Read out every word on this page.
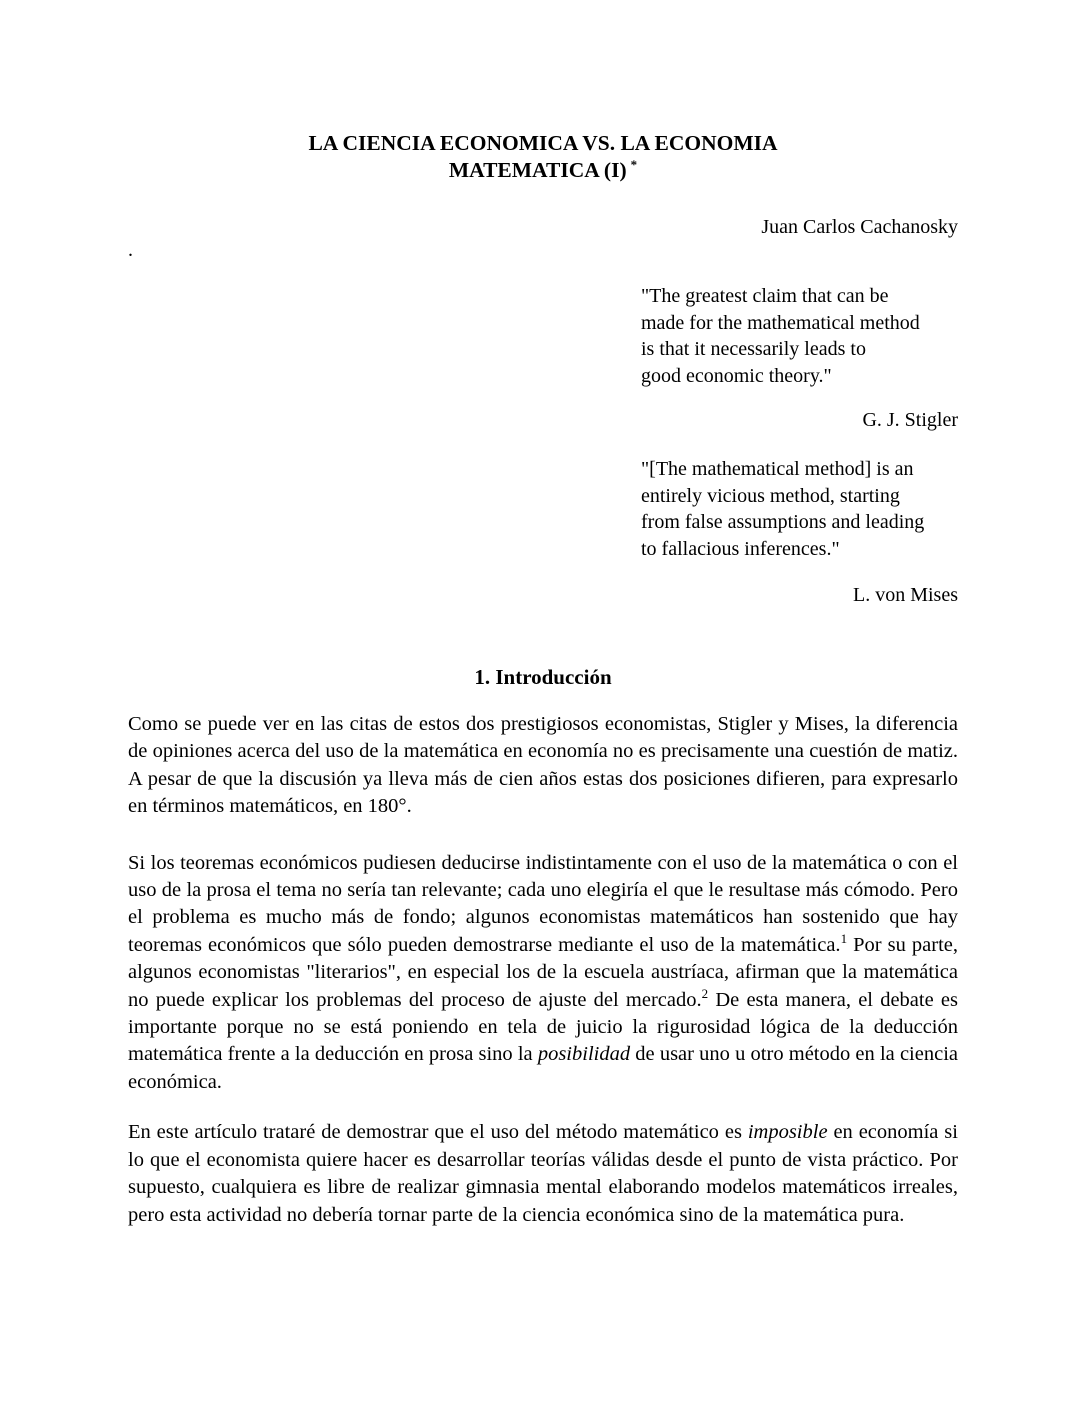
LA CIENCIA ECONOMICA VS. LA ECONOMIA
MATEMATICA (I) *
Juan Carlos Cachanosky
.
"The greatest claim that can be
made for the mathematical method
is that it necessarily leads to
good economic theory."
G. J. Stigler
"[The mathematical method] is an
entirely vicious method, starting
from false assumptions and leading
to fallacious inferences."
L. von Mises
1. Introducción
Como se puede ver en las citas de estos dos prestigiosos economistas, Stigler y Mises, la diferencia de opiniones acerca del uso de la matemática en economía no es precisamente una cuestión de matiz. A pesar de que la discusión ya lleva más de cien años estas dos posiciones difieren, para expresarlo en términos matemáticos, en 180°.
Si los teoremas económicos pudiesen deducirse indistintamente con el uso de la matemática o con el uso de la prosa el tema no sería tan relevante; cada uno elegiría el que le resultase más cómodo. Pero el problema es mucho más de fondo; algunos economistas matemáticos han sostenido que hay teoremas económicos que sólo pueden demostrarse mediante el uso de la matemática.$^1$ Por su parte, algunos economistas "literarios", en especial los de la escuela austríaca, afirman que la matemática no puede explicar los problemas del proceso de ajuste del mercado.$^2$ De esta manera, el debate es importante porque no se está poniendo en tela de juicio la rigurosidad lógica de la deducción matemática frente a la deducción en prosa sino la posibilidad de usar uno u otro método en la ciencia económica.
En este artículo trataré de demostrar que el uso del método matemático es imposible en economía si lo que el economista quiere hacer es desarrollar teorías válidas desde el punto de vista práctico. Por supuesto, cualquiera es libre de realizar gimnasia mental elaborando modelos matemáticos irreales, pero esta actividad no debería tornar parte de la ciencia económica sino de la matemática pura.
